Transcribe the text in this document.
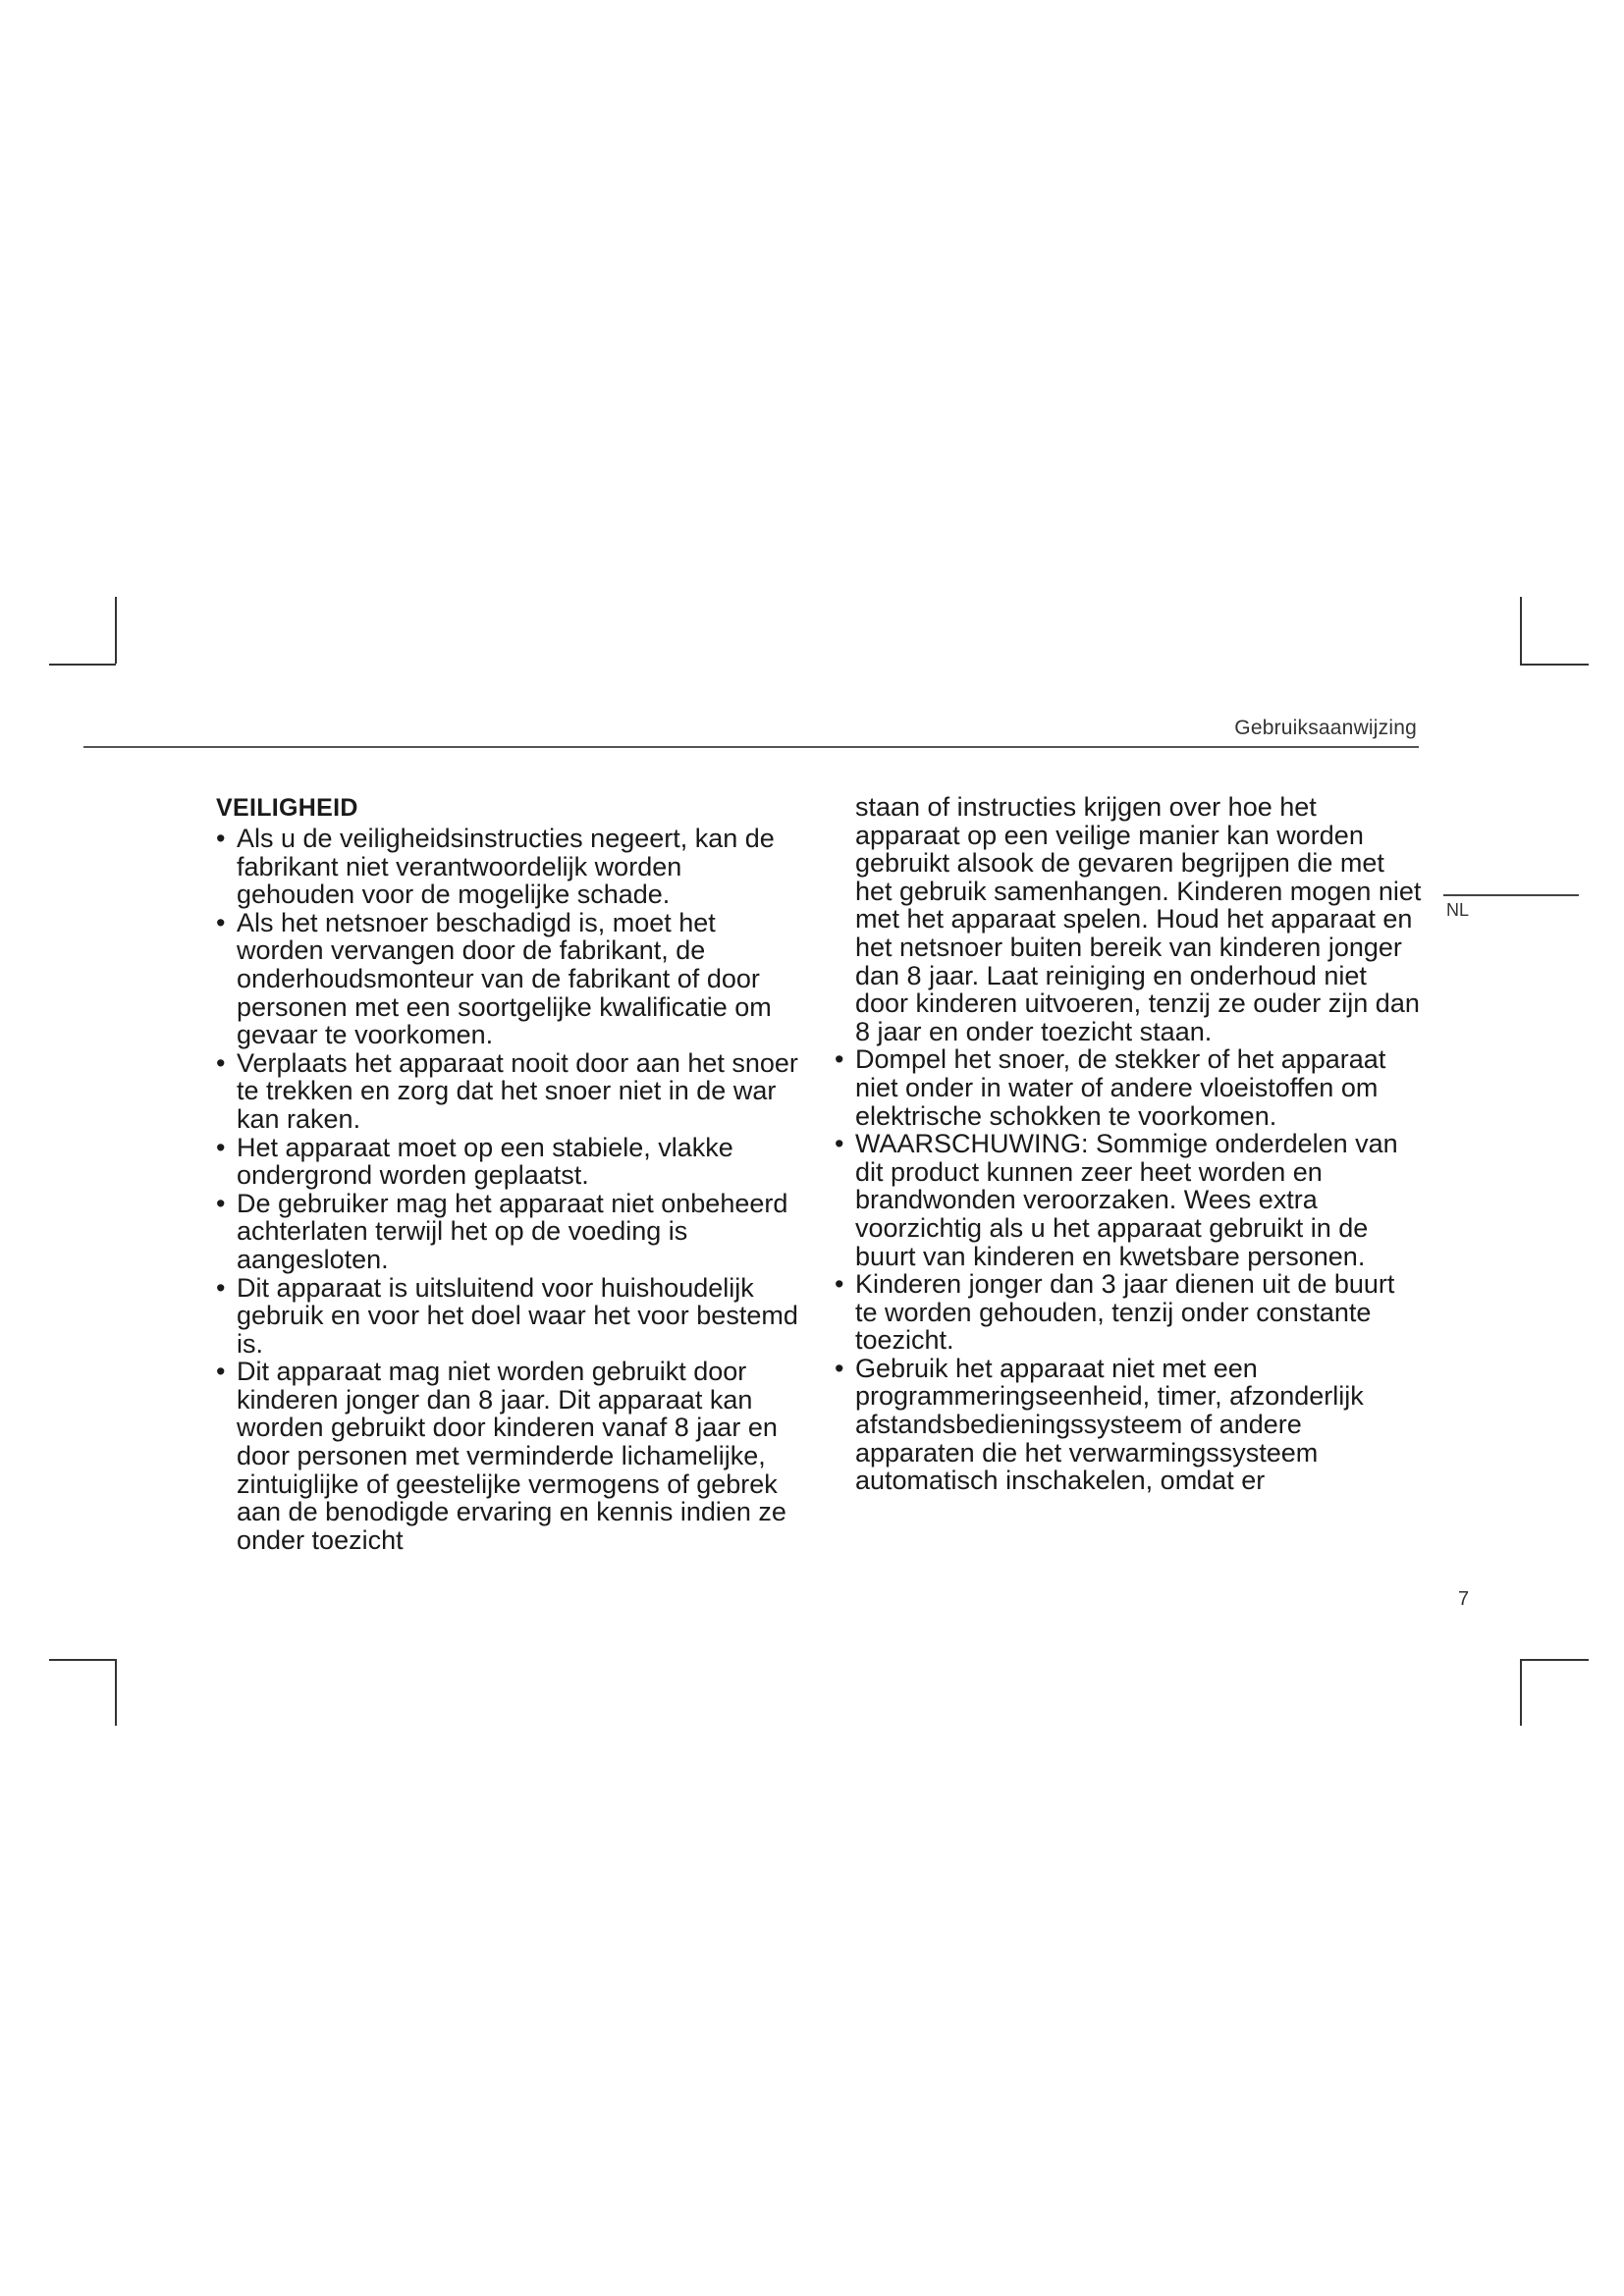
Gebruiksaanwijzing
NL
VEILIGHEID
• Als u de veiligheidsinstructies negeert, kan de fabrikant niet verantwoordelijk worden gehouden voor de mogelijke schade.
• Als het netsnoer beschadigd is, moet het worden vervangen door de fabrikant, de onderhoudsmonteur van de fabrikant of door personen met een soortgelijke kwalificatie om gevaar te voorkomen.
• Verplaats het apparaat nooit door aan het snoer te trekken en zorg dat het snoer niet in de war kan raken.
• Het apparaat moet op een stabiele, vlakke ondergrond worden geplaatst.
• De gebruiker mag het apparaat niet onbeheerd achterlaten terwijl het op de voeding is aangesloten.
• Dit apparaat is uitsluitend voor huishoudelijk gebruik en voor het doel waar het voor bestemd is.
• Dit apparaat mag niet worden gebruikt door kinderen jonger dan 8 jaar. Dit apparaat kan worden gebruikt door kinderen vanaf 8 jaar en door personen met verminderde lichamelijke, zintuiglijke of geestelijke vermogens of gebrek aan de benodigde ervaring en kennis indien ze onder toezicht

staan of instructies krijgen over hoe het apparaat op een veilige manier kan worden gebruikt alsook de gevaren begrijpen die met het gebruik samenhangen. Kinderen mogen niet met het apparaat spelen. Houd het apparaat en het netsnoer buiten bereik van kinderen jonger dan 8 jaar. Laat reiniging en onderhoud niet door kinderen uitvoeren, tenzij ze ouder zijn dan 8 jaar en onder toezicht staan.

• Dompel het snoer, de stekker of het apparaat niet onder in water of andere vloeistoffen om elektrische schokken te voorkomen.
• WAARSCHUWING: Sommige onderdelen van dit product kunnen zeer heet worden en brandwonden veroorzaken. Wees extra voorzichtig als u het apparaat gebruikt in de buurt van kinderen en kwetsbare personen.
• Kinderen jonger dan 3 jaar dienen uit de buurt te worden gehouden, tenzij onder constante toezicht.
• Gebruik het apparaat niet met een programmeringseenheid, timer, afzonderlijk afstandsbedieningssysteem of andere apparaten die het verwarmingssysteem automatisch inschakelen, omdat er
7
